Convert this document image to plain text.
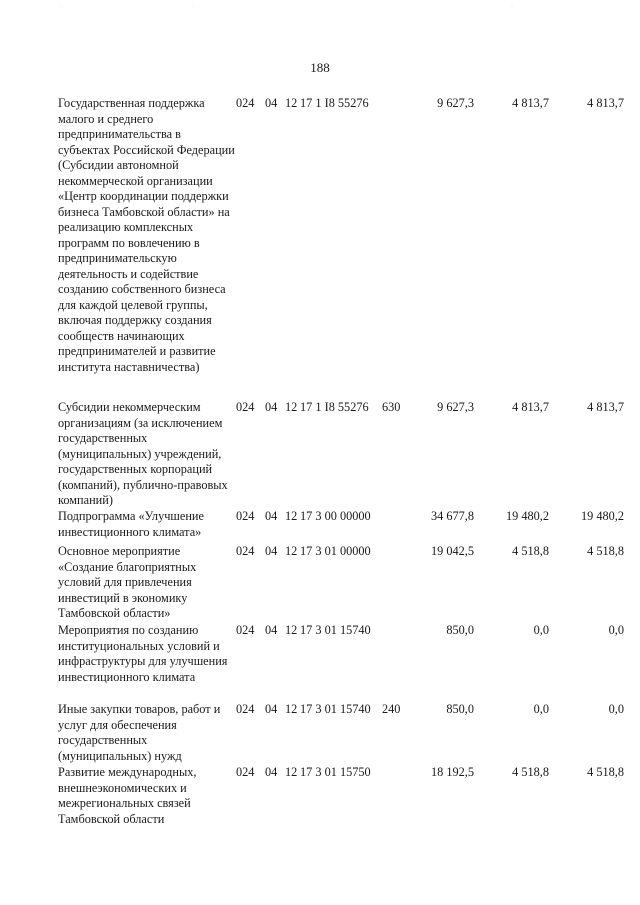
·	·	·
188
Государственная поддержка малого и среднего предпринимательства в субъектах Российской Федерации (Субсидии автономной некоммерческой организации «Центр координации поддержки бизнеса Тамбовской области» на реализацию комплексных программ по вовлечению в предпринимательскую деятельность и содействие созданию собственного бизнеса для каждой целевой группы, включая поддержку создания сообществ начинающих предпринимателей и развитие института наставничества)
024 04 12 17 1 I8 55276	9 627,3	4 813,7	4 813,7
Субсидии некоммерческим организациям (за исключением государственных (муниципальных) учреждений, государственных корпораций (компаний), публично-правовых компаний)
024 04 12 17 1 I8 55276 630	9 627,3	4 813,7	4 813,7
Подпрограмма «Улучшение инвестиционного климата»
024 04 12 17 3 00 00000	34 677,8	19 480,2	19 480,2
Основное мероприятие «Создание благоприятных условий для привлечения инвестиций в экономику Тамбовской области»
024 04 12 17 3 01 00000	19 042,5	4 518,8	4 518,8
Мероприятия по созданию институциональных условий и инфраструктуры для улучшения инвестиционного климата
024 04 12 17 3 01 15740	850,0	0,0	0,0
Иные закупки товаров, работ и услуг для обеспечения государственных (муниципальных) нужд
024 04 12 17 3 01 15740 240	850,0	0,0	0,0
Развитие международных, внешнеэкономических и межрегиональных связей Тамбовской области
024 04 12 17 3 01 15750	18 192,5	4 518,8	4 518,8
